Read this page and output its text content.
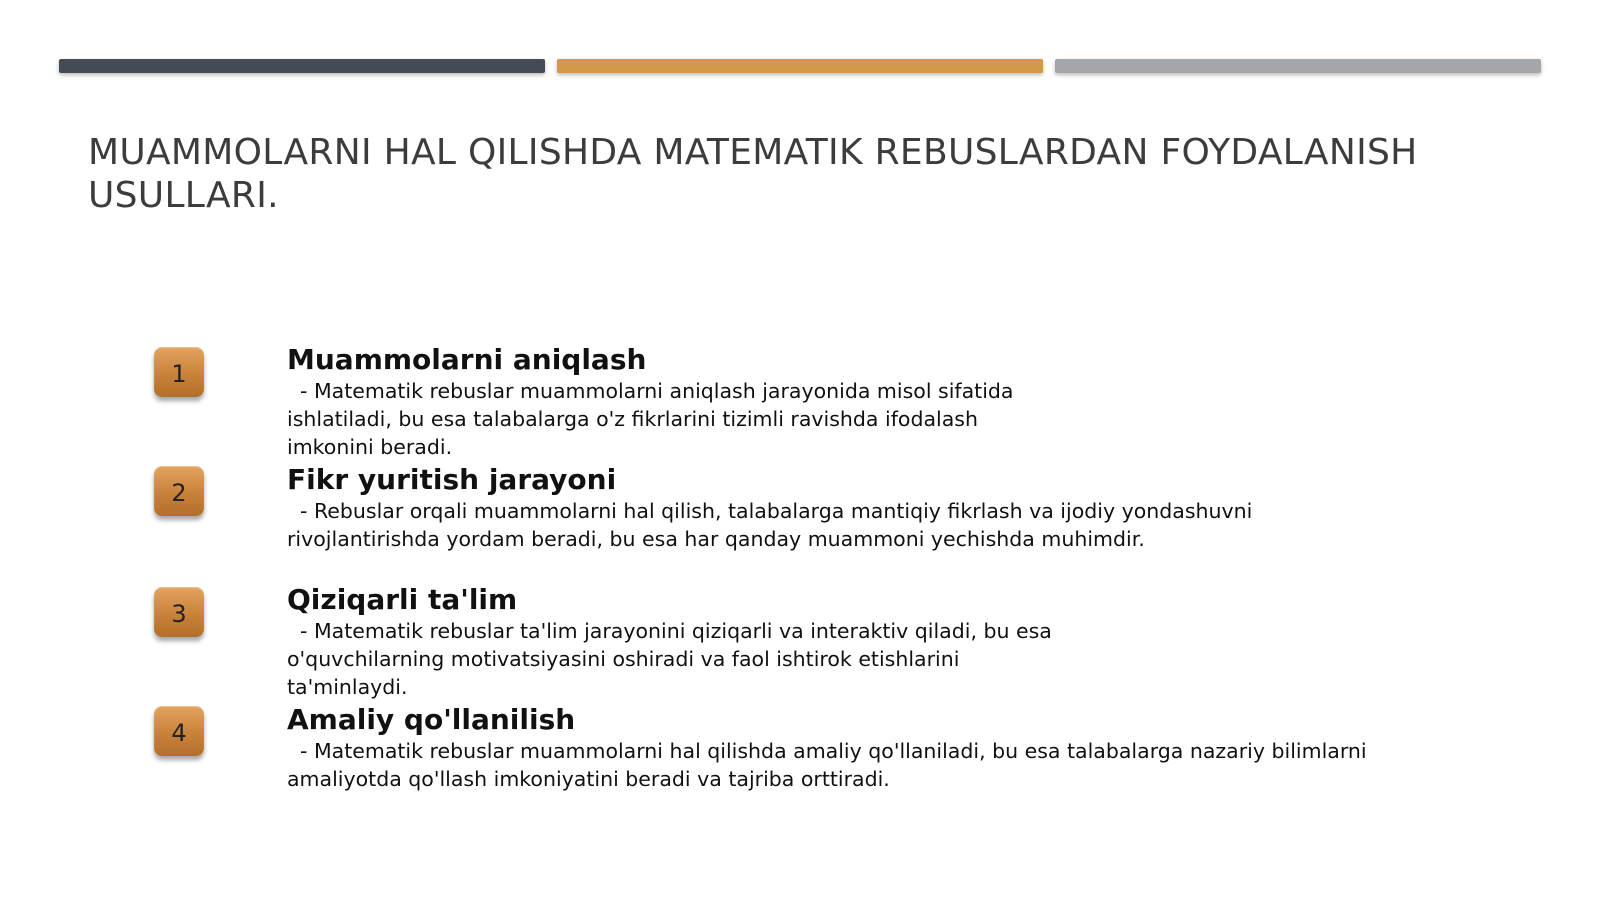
MUAMMOLARNI HAL QILISHDA MATEMATIK REBUSLARDAN FOYDALANISH USULLARI.
1	Muammolarni aniqlash

- Matematik rebuslar muammolarni aniqlash jarayonida misol sifatida
ishlatiladi, bu esa talabalarga o'z fikrlarini tizimli ravishda ifodalash
imkonini beradi.

2	Fikr yuritish jarayoni

- Rebuslar orqali muammolarni hal qilish, talabalarga mantiqiy fikrlash va ijodiy yondashuvni
rivojlantirishda yordam beradi, bu esa har qanday muammoni yechishda muhimdir.

3	Qiziqarli ta'lim

- Matematik rebuslar ta'lim jarayonini qiziqarli va interaktiv qiladi, bu esa
o'quvchilarning motivatsiyasini oshiradi va faol ishtirok etishlarini
ta'minlaydi.

4	Amaliy qo'llanilish

- Matematik rebuslar muammolarni hal qilishda amaliy qo'llaniladi, bu esa talabalarga nazariy bilimlarni
amaliyotda qo'llash imkoniyatini beradi va tajriba orttiradi.
